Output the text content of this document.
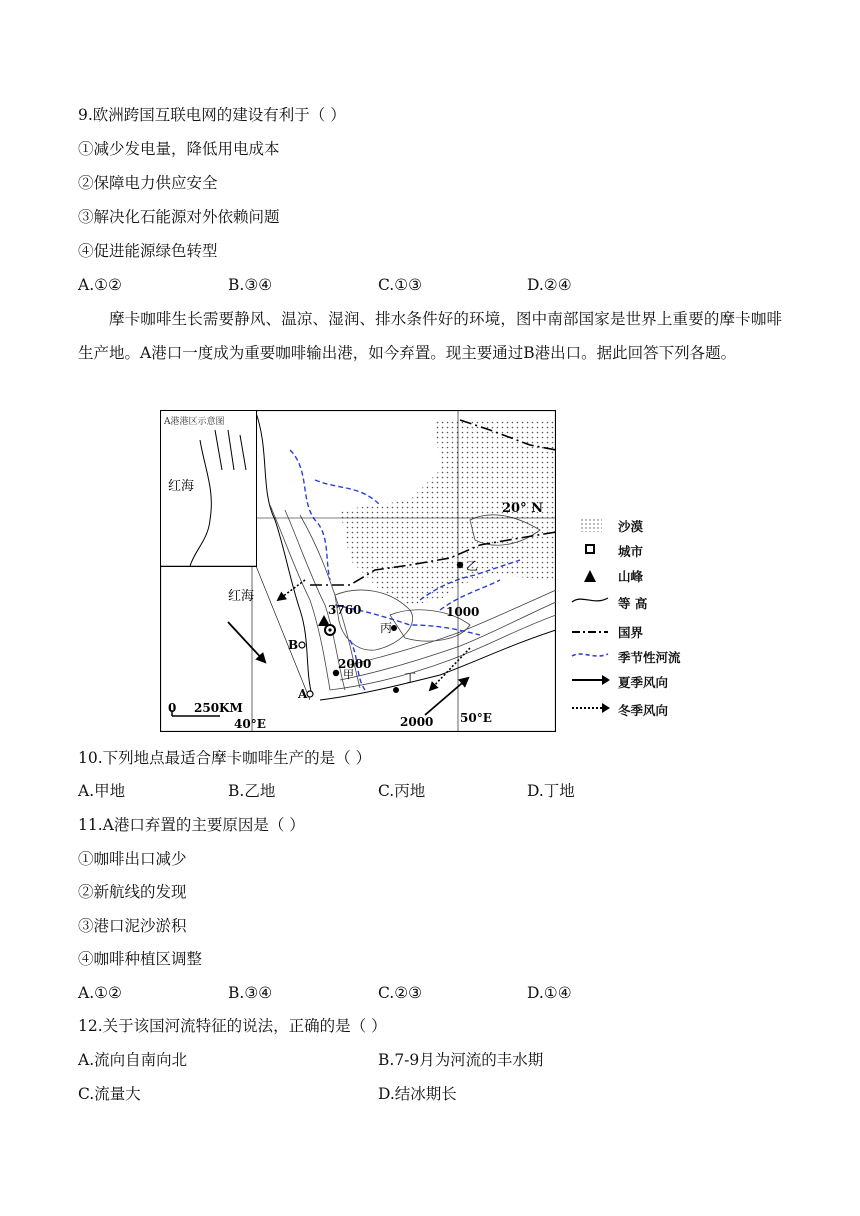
9.欧洲跨国互联电网的建设有利于（ ）
①减少发电量，降低用电成本
②保障电力供应安全
③解决化石能源对外依赖问题
④促进能源绿色转型
A.①②	B.③④	C.①③	D.②④
摩卡咖啡生长需要静风、温凉、湿润、排水条件好的环境，图中南部国家是世界上重要的摩卡咖啡生产地。A港口一度成为重要咖啡输出港，如今弃置。现主要通过B港出口。据此回答下列各题。
A港港区示意图
红海
红海
20° N
3760	1000
2000
2000
甲
乙
丙
丁
B
A
0 250KM
40°E	50°E
沙漠
城市
山峰
等 高
国界
季节性河流
夏季风向
冬季风向
10.下列地点最适合摩卡咖啡生产的是（ ）
A.甲地	B.乙地	C.丙地	D.丁地
11.A港口弃置的主要原因是（ ）
①咖啡出口减少
②新航线的发现
③港口泥沙淤积
④咖啡种植区调整
A.①②	B.③④	C.②③	D.①④
12.关于该国河流特征的说法，正确的是（ ）
A.流向自南向北	B.7-9月为河流的丰水期
C.流量大	D.结冰期长
